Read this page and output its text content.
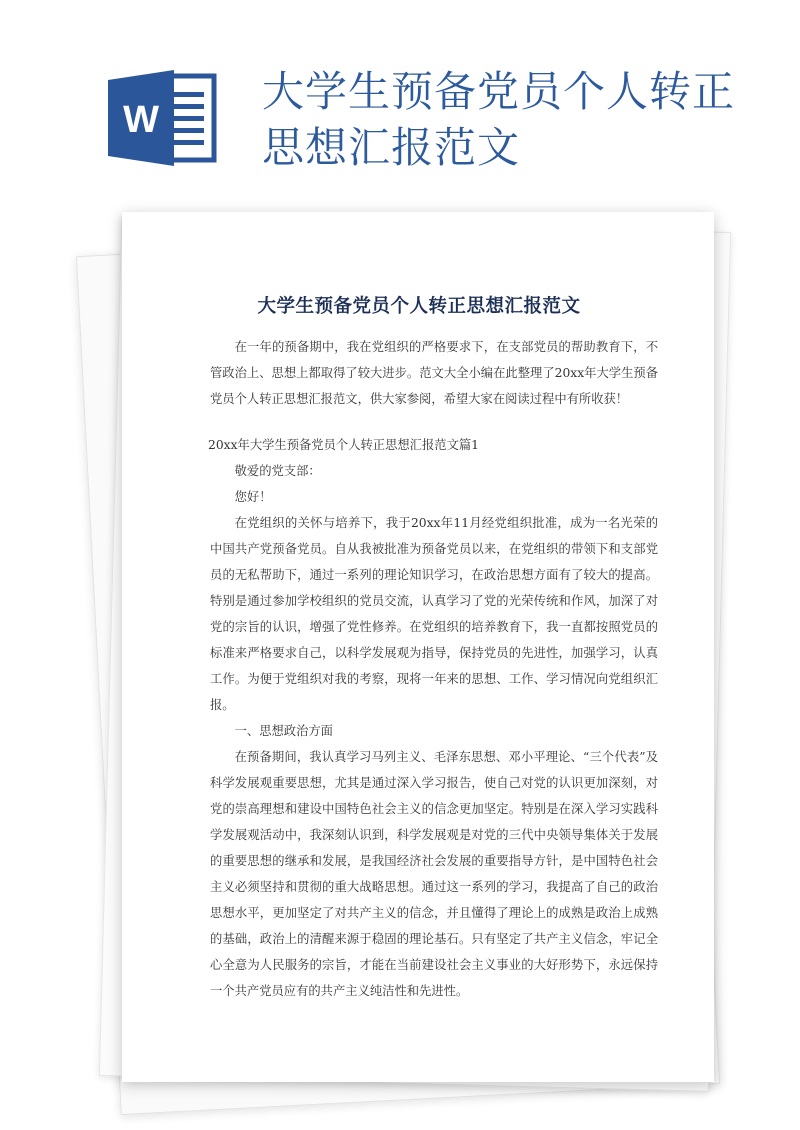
W
大学生预备党员个人转正思想汇报范文
大学生预备党员个人转正思想汇报范文
在一年的预备期中，我在党组织的严格要求下，在支部党员的帮助教育下，不管政治上、思想上都取得了较大进步。范文大全小编在此整理了20xx年大学生预备党员个人转正思想汇报范文，供大家参阅，希望大家在阅读过程中有所收获！
20xx年大学生预备党员个人转正思想汇报范文篇1
敬爱的党支部：
您好！
在党组织的关怀与培养下，我于20xx年11月经党组织批准，成为一名光荣的中国共产党预备党员。自从我被批准为预备党员以来，在党组织的带领下和支部党员的无私帮助下，通过一系列的理论知识学习，在政治思想方面有了较大的提高。特别是通过参加学校组织的党员交流，认真学习了党的光荣传统和作风，加深了对党的宗旨的认识，增强了党性修养。在党组织的培养教育下，我一直都按照党员的标准来严格要求自己，以科学发展观为指导，保持党员的先进性，加强学习，认真工作。为便于党组织对我的考察，现将一年来的思想、工作、学习情况向党组织汇报。
一、思想政治方面
在预备期间，我认真学习马列主义、毛泽东思想、邓小平理论、“三个代表”及科学发展观重要思想，尤其是通过深入学习报告，使自己对党的认识更加深刻，对党的崇高理想和建设中国特色社会主义的信念更加坚定。特别是在深入学习实践科学发展观活动中，我深刻认识到，科学发展观是对党的三代中央领导集体关于发展的重要思想的继承和发展，是我国经济社会发展的重要指导方针，是中国特色社会主义必须坚持和贯彻的重大战略思想。通过这一系列的学习，我提高了自己的政治思想水平，更加坚定了对共产主义的信念，并且懂得了理论上的成熟是政治上成熟的基础，政治上的清醒来源于稳固的理论基石。只有坚定了共产主义信念，牢记全心全意为人民服务的宗旨，才能在当前建设社会主义事业的大好形势下，永远保持一个共产党员应有的共产主义纯洁性和先进性。
